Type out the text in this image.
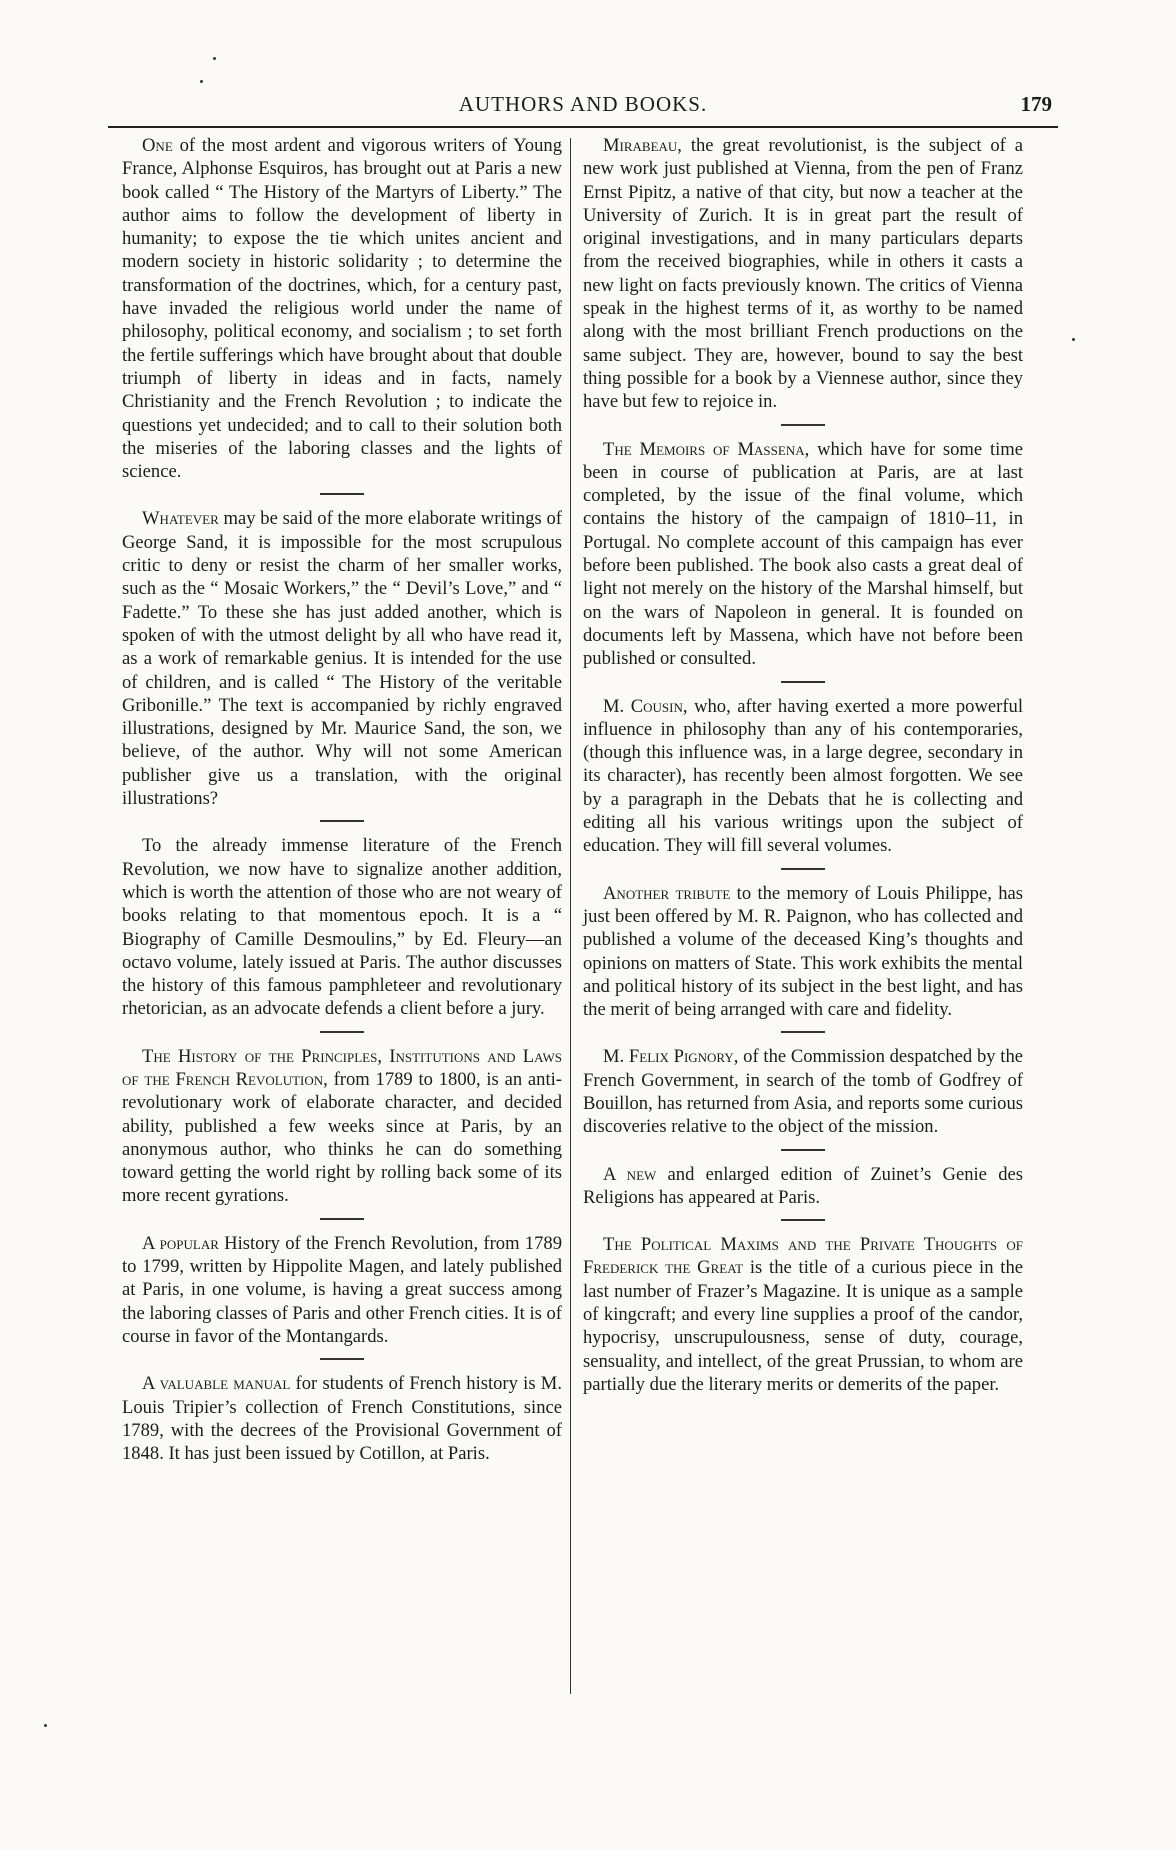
AUTHORS AND BOOKS.	179

One of the most ardent and vigorous writers of Young France, Alphonse Esquiros, has brought out at Paris a new book called “ The History of the Martyrs of Liberty.” The author aims to follow the development of liberty in humanity; to expose the tie which unites ancient and modern society in historic solidarity ; to determine the transformation of the doctrines, which, for a century past, have invaded the religious world under the name of philosophy, political economy, and socialism ; to set forth the fertile sufferings which have brought about that double triumph of liberty in ideas and in facts, namely Christianity and the French Revolution ; to indicate the questions yet undecided; and to call to their solution both the miseries of the laboring classes and the lights of science.

Whatever may be said of the more elaborate writings of George Sand, it is impossible for the most scrupulous critic to deny or resist the charm of her smaller works, such as the “ Mosaic Workers,” the “ Devil’s Love,” and “ Fadette.” To these she has just added another, which is spoken of with the utmost delight by all who have read it, as a work of remarkable genius. It is intended for the use of children, and is called “ The History of the veritable Gribonille.” The text is accompanied by richly engraved illustrations, designed by Mr. Maurice Sand, the son, we believe, of the author. Why will not some American publisher give us a translation, with the original illustrations?

To the already immense literature of the French Revolution, we now have to signalize another addition, which is worth the attention of those who are not weary of books relating to that momentous epoch. It is a “ Biography of Camille Desmoulins,” by Ed. Fleury—an octavo volume, lately issued at Paris. The author discusses the history of this famous pamphleteer and revolutionary rhetorician, as an advocate defends a client before a jury.

The History of the Principles, Institutions and Laws of the French Revolution, from 1789 to 1800, is an anti-revolutionary work of elaborate character, and decided ability, published a few weeks since at Paris, by an anonymous author, who thinks he can do something toward getting the world right by rolling back some of its more recent gyrations.

A popular History of the French Revolution, from 1789 to 1799, written by Hippolite Magen, and lately published at Paris, in one volume, is having a great success among the laboring classes of Paris and other French cities. It is of course in favor of the Montangards.

A valuable manual for students of French history is M. Louis Tripier’s collection of French Constitutions, since 1789, with the decrees of the Provisional Government of 1848. It has just been issued by Cotillon, at Paris.

Mirabeau, the great revolutionist, is the subject of a new work just published at Vienna, from the pen of Franz Ernst Pipitz, a native of that city, but now a teacher at the University of Zurich. It is in great part the result of original investigations, and in many particulars departs from the received biographies, while in others it casts a new light on facts previously known. The critics of Vienna speak in the highest terms of it, as worthy to be named along with the most brilliant French productions on the same subject. They are, however, bound to say the best thing possible for a book by a Viennese author, since they have but few to rejoice in.

The Memoirs of Massena, which have for some time been in course of publication at Paris, are at last completed, by the issue of the final volume, which contains the history of the campaign of 1810–11, in Portugal. No complete account of this campaign has ever before been published. The book also casts a great deal of light not merely on the history of the Marshal himself, but on the wars of Napoleon in general. It is founded on documents left by Massena, which have not before been published or consulted.

M. Cousin, who, after having exerted a more powerful influence in philosophy than any of his contemporaries, (though this influence was, in a large degree, secondary in its character), has recently been almost forgotten. We see by a paragraph in the Debats that he is collecting and editing all his various writings upon the subject of education. They will fill several volumes.

Another tribute to the memory of Louis Philippe, has just been offered by M. R. Paignon, who has collected and published a volume of the deceased King’s thoughts and opinions on matters of State. This work exhibits the mental and political history of its subject in the best light, and has the merit of being arranged with care and fidelity.

M. Felix Pignory, of the Commission despatched by the French Government, in search of the tomb of Godfrey of Bouillon, has returned from Asia, and reports some curious discoveries relative to the object of the mission.

A new and enlarged edition of Zuinet’s Genie des Religions has appeared at Paris.

The Political Maxims and the Private Thoughts of Frederick the Great is the title of a curious piece in the last number of Frazer’s Magazine. It is unique as a sample of kingcraft; and every line supplies a proof of the candor, hypocrisy, unscrupulousness, sense of duty, courage, sensuality, and intellect, of the great Prussian, to whom are partially due the literary merits or demerits of the paper.
